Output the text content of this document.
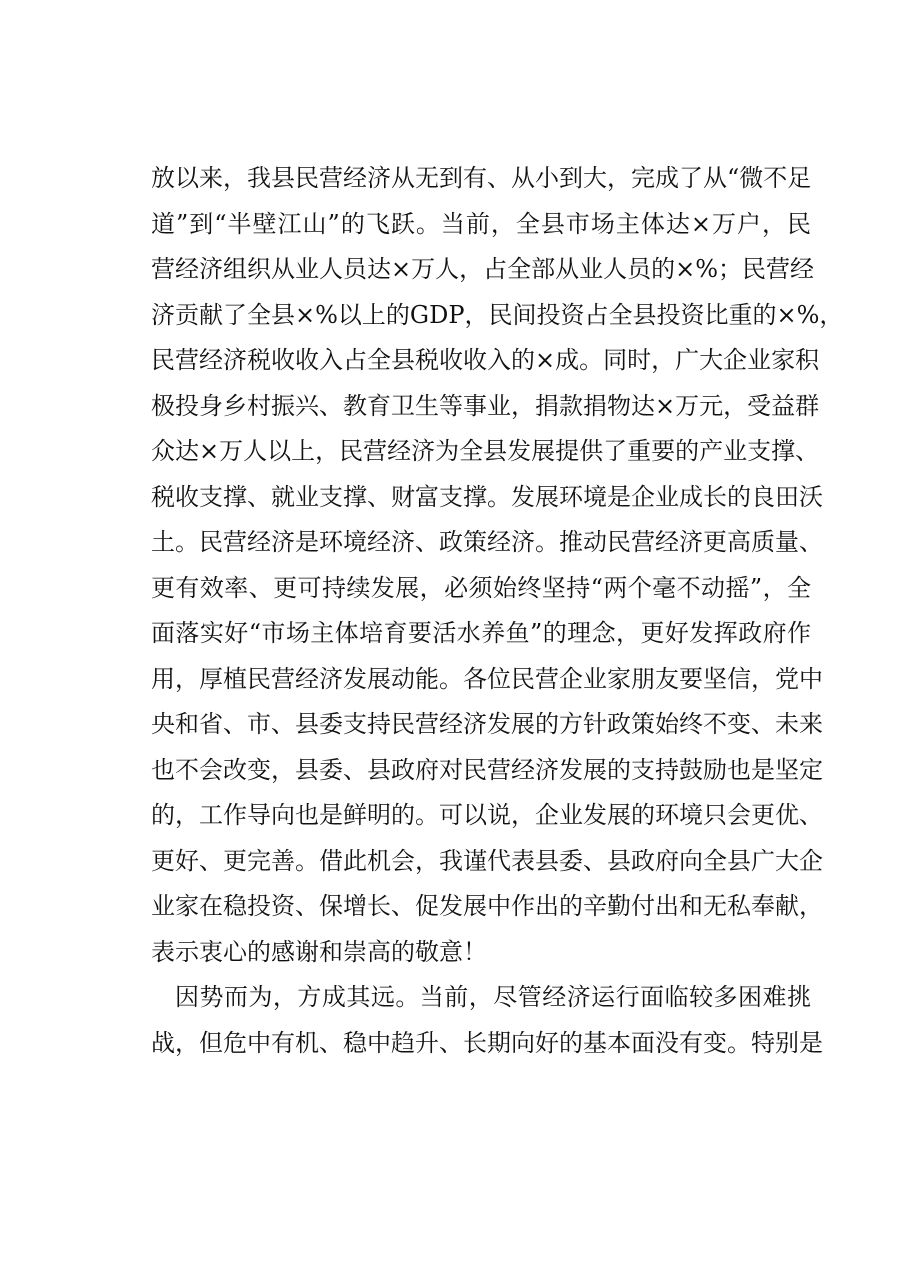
放以来，我县民营经济从无到有、从小到大，完成了从“微不足
道”到“半壁江山”的飞跃。当前，全县市场主体达×万户，民
营经济组织从业人员达×万人，占全部从业人员的×%；民营经
济贡献了全县×%以上的GDP，民间投资占全县投资比重的×%，
民营经济税收收入占全县税收收入的×成。同时，广大企业家积
极投身乡村振兴、教育卫生等事业，捐款捐物达×万元，受益群
众达×万人以上，民营经济为全县发展提供了重要的产业支撑、
税收支撑、就业支撑、财富支撑。发展环境是企业成长的良田沃
土。民营经济是环境经济、政策经济。推动民营经济更高质量、
更有效率、更可持续发展，必须始终坚持“两个毫不动摇”，全
面落实好“市场主体培育要活水养鱼”的理念，更好发挥政府作
用，厚植民营经济发展动能。各位民营企业家朋友要坚信，党中
央和省、市、县委支持民营经济发展的方针政策始终不变、未来
也不会改变，县委、县政府对民营经济发展的支持鼓励也是坚定
的，工作导向也是鲜明的。可以说，企业发展的环境只会更优、
更好、更完善。借此机会，我谨代表县委、县政府向全县广大企
业家在稳投资、保增长、促发展中作出的辛勤付出和无私奉献，
表示衷心的感谢和崇高的敬意！
因势而为，方成其远。当前，尽管经济运行面临较多困难挑
战，但危中有机、稳中趋升、长期向好的基本面没有变。特别是
